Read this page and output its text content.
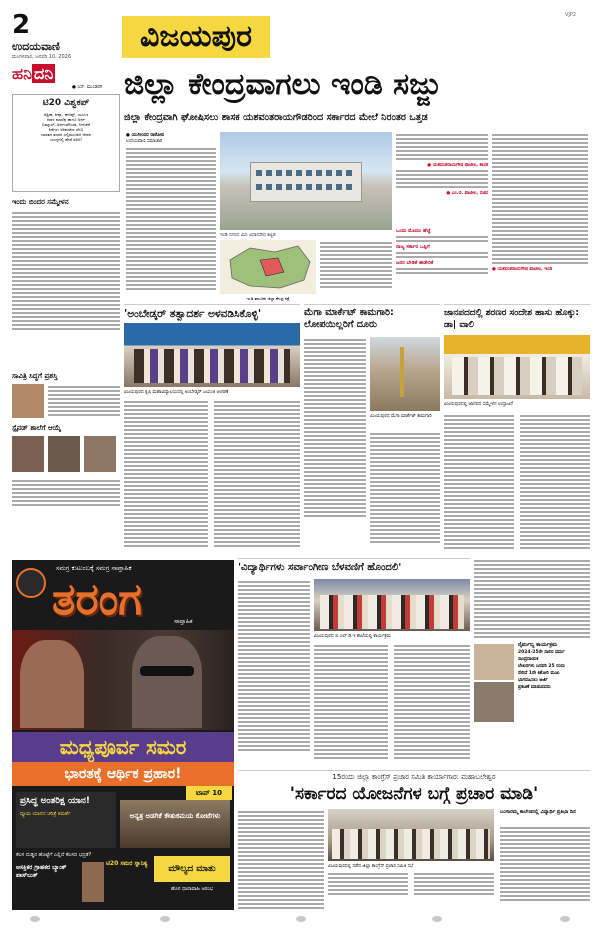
2
ಉದಯವಾಣಿ
ಮಂಗಳವಾರ, ಜನವರಿ 10, 2026
ವಿಜಯಪುರ
VJP2
ಹನಿ ದನಿ
● ಎಸ್. ಮುಂಡರಗಿ
ಟಿ20 ವಿಶ್ವಕಪ್
ಆಫ್ರಿಕಾ, ಕೀನ್ಯಾ, ಈಜಿಪ್ಟ್, ಯುಎಇ
ಕಿರಾಳ ಮಾಣಿಕ್ಯ ಹಾಗೂ ಅರ್ಥ
ಬಿಮ್ಮಾಲ್, ಅರ್ಥಂಟೆನಿಯಾ, ನೀನುಕನೆ
ಕಿದೆಗಳು ಅಕಿಪಡಕಿಣ ಚೆಂಬಿ
ಭಾರತದ ತಂಡದ ಎಲ್ಲಿಮುಂಡದ ಜೀವನ
ಯುದ್ಧದಲ್ಲಿ ಹೇಡೆ ವರಿಚಿ!
ಇಂದು ಬಿಂದರ ಸಮ್ಮೇಳನ
ಸಾವಿತ್ರಿ ಸಿದ್ಧಗೆ ಪ್ರಶಸ್ತಿ
ಸ್ಪೈನಡ್ ಶಾಲೆಗೆ ಆಯ್ಕೆ
ಜಿಲ್ಲಾ ಕೇಂದ್ರವಾಗಲು ಇಂಡಿ ಸಜ್ಜು
ಜಿಲ್ಲಾ ಕೇಂದ್ರವಾಗಿ ಘೋಷಿಸಲು ಶಾಸಕ ಯಶವಂತರಾಯಗೌಡರಿಂದ ಸರ್ಕಾರದ ಮೇಲೆ ನಿರಂತರ ಒತ್ತಡ
● ಯುಗೀಂದರ ರಾಠೋಡ
ಉದಯವಾಣಿ ಸಮಾಚಾರ
ಇಂಡಿ ನಗರದ ಮಿನಿ ವಿಧಾನಸೌಧ ಕಟ್ಟಡ
ಇಂಡಿ ತಾಲೂಕು ಜಿಲ್ಲಾ ಕೇಂದ್ರ ನಕ್ಷೆ
● ಯಶವಂತರಾಯಗೌಡ ಪಾಟೀಲ, ಶಾಸಕ
● ಎಂ.ಬಿ. ಪಾಟೀಲ, ಸಚಿವ
ಒಂದು ಮೊದಲ ಹೆಜ್ಜೆ
ರಾಜ್ಯ ಸರ್ಕಾರ ಒಪ್ಪಿಗೆ
ಜನರ ಬೇಡಿಕೆ ಈಡೇರಿಕೆ
● ಯಶವಂತರಾಯಗೌಡ ಪಾಟೀಲ, ಇಂಡಿ
'ಅಂಬೇಡ್ಕರ್ ತತ್ವಾದರ್ಶ ಅಳವಡಿಸಿಕೊಳ್ಳಿ'
ವಿಜಯಪುರದ ಕೃಷಿ ಮಹಾವಿದ್ಯಾಲಯದಲ್ಲಿ ಅಂಬೇಡ್ಕರ್ ಜಯಂತಿ ಆಚರಣೆ
ಮೆಗಾ ಮಾರ್ಕೆಟ್ ಕಾಮಗಾರಿ: ಲೋಪಯಿಲ್ಲರಿಗೆ ದೂರು
ವಿಜಯಪುರದ ಮೆಗಾ ಮಾರ್ಕೆಟ್ ಕಾಮಗಾರಿ
ಜಾನಪದದಲ್ಲಿ ಶರಣರ ಸಂದೇಶ ಹಾಸು ಹೊಕ್ಕು: ಡಾ| ವಾಲಿ
ವಿಜಯಪುರದಲ್ಲಿ ಜಾನಪದ ಸಮ್ಮೇಳನ ಉದ್ಘಾಟನೆ
ಸಮಗ್ರ ಕುಟುಂಬಕ್ಕೆ ಸಮಗ್ರ ಸಾಪ್ತಾಹಿಕ
ತರಂಗ	ಸಾಪ್ತಾಹಿಕ
ಮಧ್ಯಪೂರ್ವ ಸಮರ
ಭಾರತಕ್ಕೆ ಆರ್ಥಿಕ ಪ್ರಹಾರ!
ಟಾಪ್ 10
ಪ್ರಸಿದ್ಧ ಅಂತರಿಕ್ಷ ಯಾನ!
ವ್ಯೂಮ ಯಾನದ ಚರಿತ್ರೆ ಕಿಮರ್ಶೆ	ಅನ್ಯತ್ರ ಅಡಗಿಕೆ ಕೌತುಕಮಯ ಕೋಟೆಗಳು
ಕೆಲಸ ದುಡ್ಡಿನ ಹೊಟ್ಟೆಗೆ ಎಲ್ಲಿದೆ ಕೆಲಸದ ಭದ್ರತೆ?
ಆಸಕ್ತಿಕರ ಗ್ರಾಹಕರ ಬ್ಯಾಂಕ್ ಪಾಸ್‌ಬುಕ್
ಟಿ20 ಸಮರ ಸ್ನಾನಿಕ್ಯ
ಮೌಲ್ಯದ ಮಾತು
ಹೊಸ ಧಾರಾವಾಹಿ ಆರಂಭ
'ವಿದ್ಯಾರ್ಥಿಗಳು ಸರ್ವಾಂಗೀಣ ಬೆಳವಣಿಗೆ ಹೊಂದಲಿ'
ವಿಜಯಪುರದ ಬಿ.ಎಲ್.ಡಿ.ಇ ಶಾಲೆಯಲ್ಲಿ ಕಾರ್ಯಕ್ರಮ
ನೈರ್ಮಲ್ಯ ಕಾರ್ಯಕ್ರಮ
2024-25ನೇ ಸಾಲಿನ ಧರ್ಮ
ಸಾಂಪ್ರದಾಯಿಕ
ಲೇಖನಗಳು ಜನವರಿ 25 ರಂದು
ಸೇರಿದೆ 1ನೇ ಕಿಶೋರಿ ಮುಖ
ಭಾಗವಹಿಸಲು ಅರ್ಜಿ
ಪ್ರಕಟಣೆ ಮಾಡುವವರು
15ರಂದು ಜಿಲ್ಲಾ ಕಾಂಗ್ರೆಸ್ ಪ್ರಚಾರ ಸಮಿತಿ ಕಾರ್ಯಾಗಾರ: ಮಹಾಬಲೇಶ್ವರ
'ಸರ್ಕಾರದ ಯೋಜನೆಗಳ ಬಗ್ಗೆ ಪ್ರಚಾರ ಮಾಡಿ'
ವಿಜಯಪುರದಲ್ಲಿ ನಡೆದ ಜಿಲ್ಲಾ ಕಾಂಗ್ರೆಸ್ ಪ್ರಚಾರ ಸಮಿತಿ ಸಭೆ
ಬಂಗಾರಮ್ಮ ಕಾಲೇಜಿನಲ್ಲಿ ವಿದ್ಯಾರ್ಥಿ ಪ್ರತಿಭಾ ದಿನ
